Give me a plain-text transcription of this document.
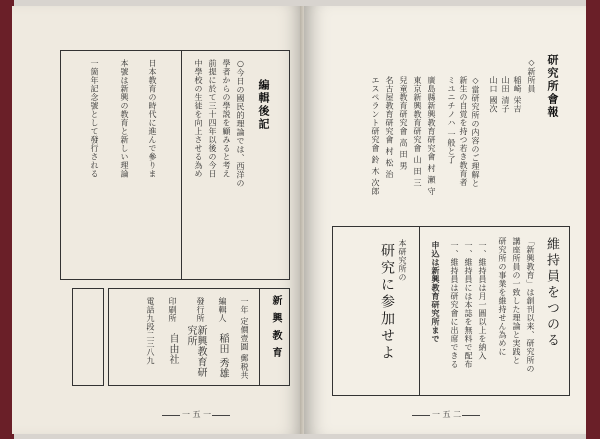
編輯後記
○今日の國民的理論では、西洋の
學者からの學説を顧みると考え
前提に於て三十四年以後の今日
中學校の生徒を向上させる為め
日本教育の時代に進んで參りま
本號は新興の教育と新しい理論
一箇年記念號として發行される
新 興 教 育
一年 定價壹圓 郵税共
編輯人
稲田 秀雄
發行所
新興教育研究所
印刷所
自由社
電話九段二三八九
一 五 一
研究所會報
◇新所員
稲崎 栄吉
山田 清子
山口 國次
◇當研究所の内容のご理解と
新生の自覚を持つ若き教育者
ミユニチノハ 一般と了
廣島縣新興教育研究會 村 瀬 守
東京新興教育研究會 山 田 三
兒童教育研究會 高 田 男
名古屋教育研究會 村 松 治
エスペラント研究會 鈴 木 次郎
維持員をつのる
「新興教育」は創刊以来、研究所の
講座所員の一致した理論と実践と
研究所の事業を維持せん為めに
一、維持員は月一圓以上を納入
一、維持員には本誌を無料で配布
一、維持員は研究會に出席できる
申込は新興教育研究所まで
本研究所の
研究に参加せよ
一 五 二
